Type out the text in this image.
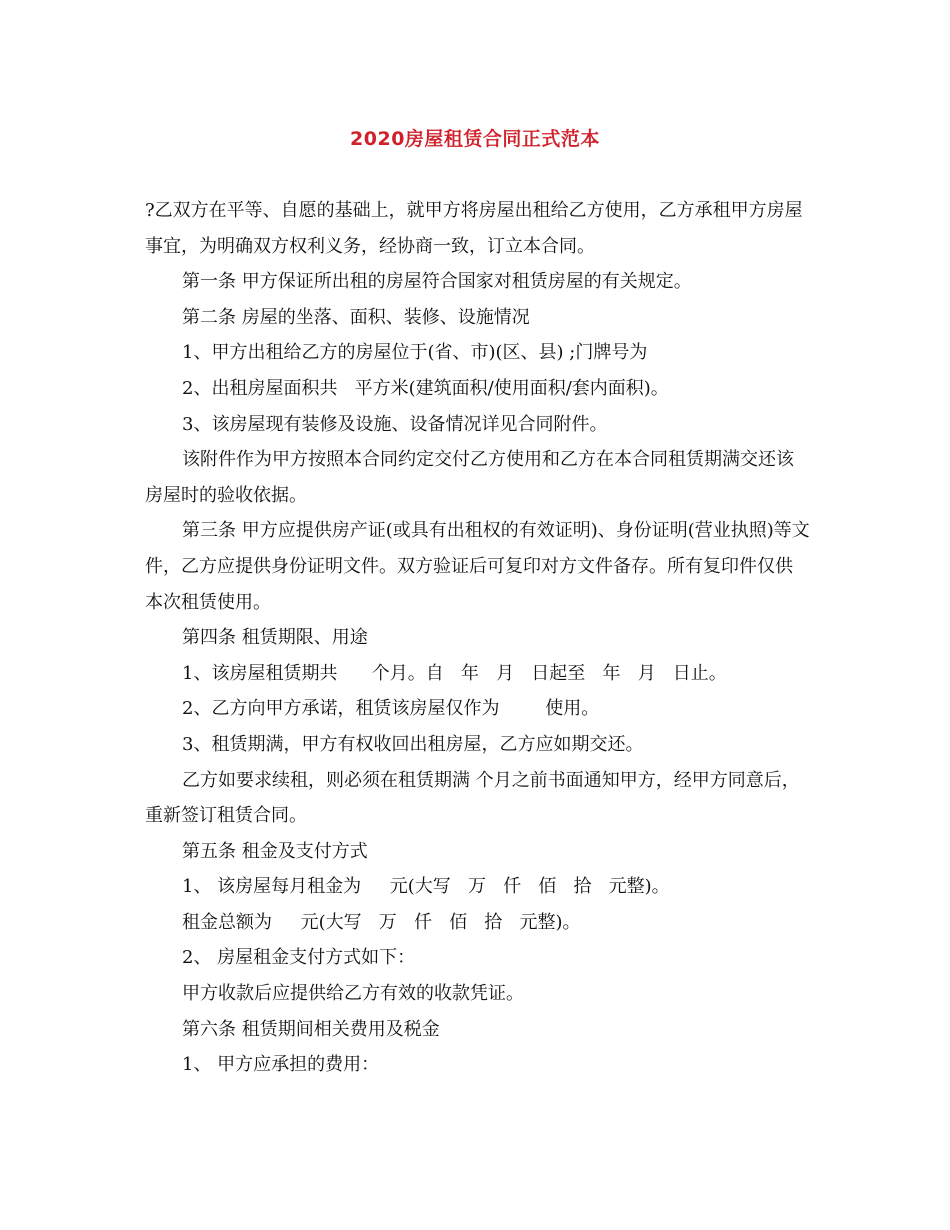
2020房屋租赁合同正式范本

?乙双方在平等、自愿的基础上，就甲方将房屋出租给乙方使用，乙方承租甲方房屋事宜，为明确双方权利义务，经协商一致，订立本合同。

第一条 甲方保证所出租的房屋符合国家对租赁房屋的有关规定。

第二条 房屋的坐落、面积、装修、设施情况

1、甲方出租给乙方的房屋位于(省、市)(区、县) ;门牌号为

2、出租房屋面积共   平方米(建筑面积/使用面积/套内面积)。

3、该房屋现有装修及设施、设备情况详见合同附件。

该附件作为甲方按照本合同约定交付乙方使用和乙方在本合同租赁期满交还该房屋时的验收依据。

第三条 甲方应提供房产证(或具有出租权的有效证明)、身份证明(营业执照)等文件，乙方应提供身份证明文件。双方验证后可复印对方文件备存。所有复印件仅供本次租赁使用。

第四条 租赁期限、用途

1、该房屋租赁期共      个月。自   年   月   日起至   年   月   日止。

2、乙方向甲方承诺，租赁该房屋仅作为        使用。

3、租赁期满，甲方有权收回出租房屋，乙方应如期交还。

乙方如要求续租，则必须在租赁期满 个月之前书面通知甲方，经甲方同意后，重新签订租赁合同。

第五条 租金及支付方式

1、 该房屋每月租金为     元(大写   万   仟   佰   拾   元整)。

租金总额为     元(大写   万   仟   佰   拾   元整)。

2、 房屋租金支付方式如下：

甲方收款后应提供给乙方有效的收款凭证。

第六条 租赁期间相关费用及税金

1、 甲方应承担的费用：
